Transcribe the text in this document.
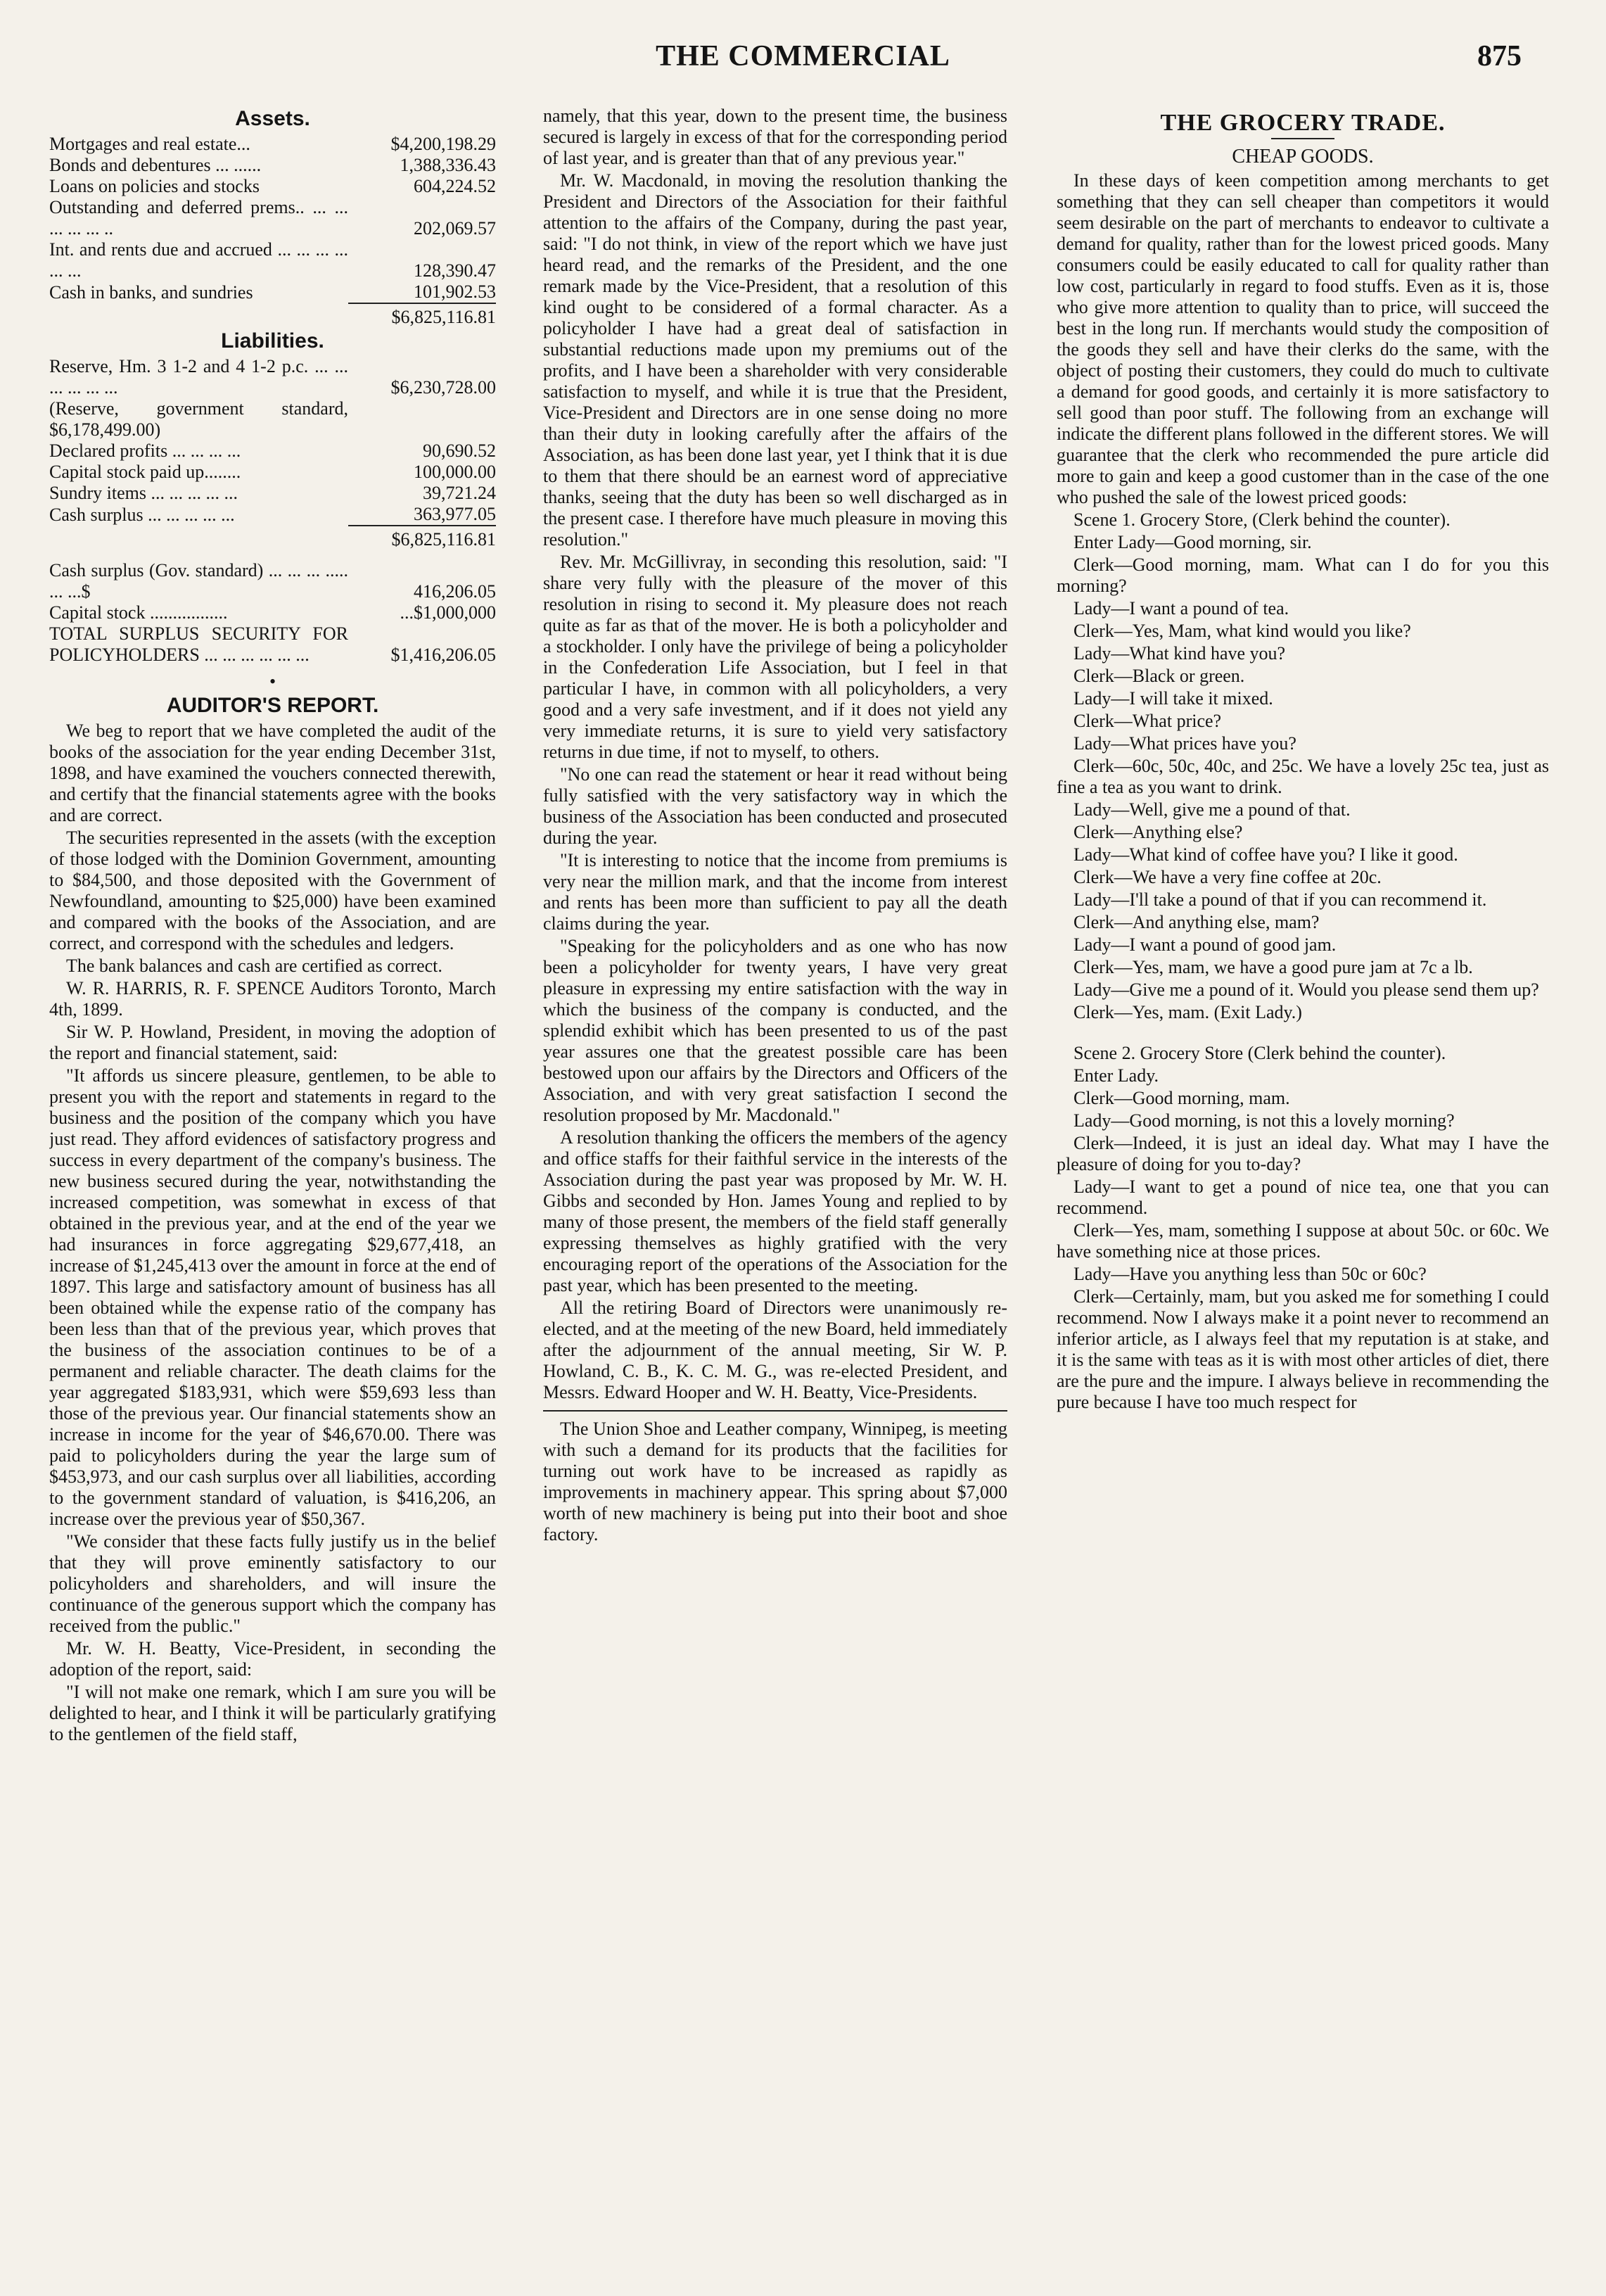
THE COMMERCIAL	875
Assets.
Mortgages and real estate...	$4,200,198.29
Bonds and debentures ... ......	1,388,336.43
Loans on policies and stocks	604,224.52
Outstanding and deferred prems.. ... ... ... ... ... ..	202,069.57
Int. and rents due and accrued ... ... ... ... ... ...	128,390.47
Cash in banks, and sundries	101,902.53
	$6,825,116.81
Liabilities.
Reserve, Hm. 3 1-2 and 4 1-2 p.c. ... ... ... ... ... ...	$6,230,728.00
(Reserve, government standard, $6,178,499.00)	
Declared profits ... ... ... ...	90,690.52
Capital stock paid up........	100,000.00
Sundry items ... ... ... ... ...	39,721.24
Cash surplus ... ... ... ... ...	363,977.05
	$6,825,116.81
Cash surplus (Gov. standard) ... ... ... ..... ... ...$	416,206.05
Capital stock .................	...$1,000,000
TOTAL SURPLUS SECURITY FOR POLICYHOLDERS ... ... ... ... ... ...	$1,416,206.05
•
AUDITOR'S REPORT.

We beg to report that we have completed the audit of the books of the association for the year ending December 31st, 1898, and have examined the vouchers connected therewith, and certify that the financial statements agree with the books and are correct.

The securities represented in the assets (with the exception of those lodged with the Dominion Government, amounting to $84,500, and those deposited with the Government of Newfoundland, amounting to $25,000) have been examined and compared with the books of the Association, and are correct, and correspond with the schedules and ledgers.

The bank balances and cash are certified as correct.

W. R. HARRIS, R. F. SPENCE Auditors Toronto, March 4th, 1899.

Sir W. P. Howland, President, in moving the adoption of the report and financial statement, said:

"It affords us sincere pleasure, gentlemen, to be able to present you with the report and statements in regard to the business and the position of the company which you have just read. They afford evidences of satisfactory progress and success in every department of the company's business. The new business secured during the year, notwithstanding the increased competition, was somewhat in excess of that obtained in the previous year, and at the end of the year we had insurances in force aggregating $29,677,418, an increase of $1,245,413 over the amount in force at the end of 1897. This large and satisfactory amount of business has all been obtained while the expense ratio of the company has been less than that of the previous year, which proves that the business of the association continues to be of a permanent and reliable character. The death claims for the year aggregated $183,931, which were $59,693 less than those of the previous year. Our financial statements show an increase in income for the year of $46,670.00. There was paid to policyholders during the year the large sum of $453,973, and our cash surplus over all liabilities, according to the government standard of valuation, is $416,206, an increase over the previous year of $50,367.

"We consider that these facts fully justify us in the belief that they will prove eminently satisfactory to our policyholders and shareholders, and will insure the continuance of the generous support which the company has received from the public."

Mr. W. H. Beatty, Vice-President, in seconding the adoption of the report, said:

"I will not make one remark, which I am sure you will be delighted to hear, and I think it will be particularly gratifying to the gentlemen of the field staff,

namely, that this year, down to the present time, the business secured is largely in excess of that for the corresponding period of last year, and is greater than that of any previous year."

Mr. W. Macdonald, in moving the resolution thanking the President and Directors of the Association for their faithful attention to the affairs of the Company, during the past year, said: "I do not think, in view of the report which we have just heard read, and the remarks of the President, and the one remark made by the Vice-President, that a resolution of this kind ought to be considered of a formal character. As a policyholder I have had a great deal of satisfaction in substantial reductions made upon my premiums out of the profits, and I have been a shareholder with very considerable satisfaction to myself, and while it is true that the President, Vice-President and Directors are in one sense doing no more than their duty in looking carefully after the affairs of the Association, as has been done last year, yet I think that it is due to them that there should be an earnest word of appreciative thanks, seeing that the duty has been so well discharged as in the present case. I therefore have much pleasure in moving this resolution."

Rev. Mr. McGillivray, in seconding this resolution, said: "I share very fully with the pleasure of the mover of this resolution in rising to second it. My pleasure does not reach quite as far as that of the mover. He is both a policyholder and a stockholder. I only have the privilege of being a policyholder in the Confederation Life Association, but I feel in that particular I have, in common with all policyholders, a very good and a very safe investment, and if it does not yield any very immediate returns, it is sure to yield very satisfactory returns in due time, if not to myself, to others.

"No one can read the statement or hear it read without being fully satisfied with the very satisfactory way in which the business of the Association has been conducted and prosecuted during the year.

"It is interesting to notice that the income from premiums is very near the million mark, and that the income from interest and rents has been more than sufficient to pay all the death claims during the year.

"Speaking for the policyholders and as one who has now been a policyholder for twenty years, I have very great pleasure in expressing my entire satisfaction with the way in which the business of the company is conducted, and the splendid exhibit which has been presented to us of the past year assures one that the greatest possible care has been bestowed upon our affairs by the Directors and Officers of the Association, and with very great satisfaction I second the resolution proposed by Mr. Macdonald."

A resolution thanking the officers the members of the agency and office staffs for their faithful service in the interests of the Association during the past year was proposed by Mr. W. H. Gibbs and seconded by Hon. James Young and replied to by many of those present, the members of the field staff generally expressing themselves as highly gratified with the very encouraging report of the operations of the Association for the past year, which has been presented to the meeting.

All the retiring Board of Directors were unanimously re-elected, and at the meeting of the new Board, held immediately after the adjournment of the annual meeting, Sir W. P. Howland, C. B., K. C. M. G., was re-elected President, and Messrs. Edward Hooper and W. H. Beatty, Vice-Presidents.

The Union Shoe and Leather company, Winnipeg, is meeting with such a demand for its products that the facilities for turning out work have to be increased as rapidly as improvements in machinery appear. This spring about $7,000 worth of new machinery is being put into their boot and shoe factory.

THE GROCERY TRADE.
CHEAP GOODS.

In these days of keen competition among merchants to get something that they can sell cheaper than competitors it would seem desirable on the part of merchants to endeavor to cultivate a demand for quality, rather than for the lowest priced goods. Many consumers could be easily educated to call for quality rather than low cost, particularly in regard to food stuffs. Even as it is, those who give more attention to quality than to price, will succeed the best in the long run. If merchants would study the composition of the goods they sell and have their clerks do the same, with the object of posting their customers, they could do much to cultivate a demand for good goods, and certainly it is more satisfactory to sell good than poor stuff. The following from an exchange will indicate the different plans followed in the different stores. We will guarantee that the clerk who recommended the pure article did more to gain and keep a good customer than in the case of the one who pushed the sale of the lowest priced goods:

Scene 1. Grocery Store, (Clerk behind the counter).

Enter Lady—Good morning, sir.

Clerk—Good morning, mam. What can I do for you this morning?

Lady—I want a pound of tea.

Clerk—Yes, Mam, what kind would you like?

Lady—What kind have you?

Clerk—Black or green.

Lady—I will take it mixed.

Clerk—What price?

Lady—What prices have you?

Clerk—60c, 50c, 40c, and 25c. We have a lovely 25c tea, just as fine a tea as you want to drink.

Lady—Well, give me a pound of that.

Clerk—Anything else?

Lady—What kind of coffee have you? I like it good.

Clerk—We have a very fine coffee at 20c.

Lady—I'll take a pound of that if you can recommend it.

Clerk—And anything else, mam?

Lady—I want a pound of good jam.

Clerk—Yes, mam, we have a good pure jam at 7c a lb.

Lady—Give me a pound of it. Would you please send them up?

Clerk—Yes, mam. (Exit Lady.)

Scene 2. Grocery Store (Clerk behind the counter).

Enter Lady.

Clerk—Good morning, mam.

Lady—Good morning, is not this a lovely morning?

Clerk—Indeed, it is just an ideal day. What may I have the pleasure of doing for you to-day?

Lady—I want to get a pound of nice tea, one that you can recommend.

Clerk—Yes, mam, something I suppose at about 50c. or 60c. We have something nice at those prices.

Lady—Have you anything less than 50c or 60c?

Clerk—Certainly, mam, but you asked me for something I could recommend. Now I always make it a point never to recommend an inferior article, as I always feel that my reputation is at stake, and it is the same with teas as it is with most other articles of diet, there are the pure and the impure. I always believe in recommending the pure because I have too much respect for
